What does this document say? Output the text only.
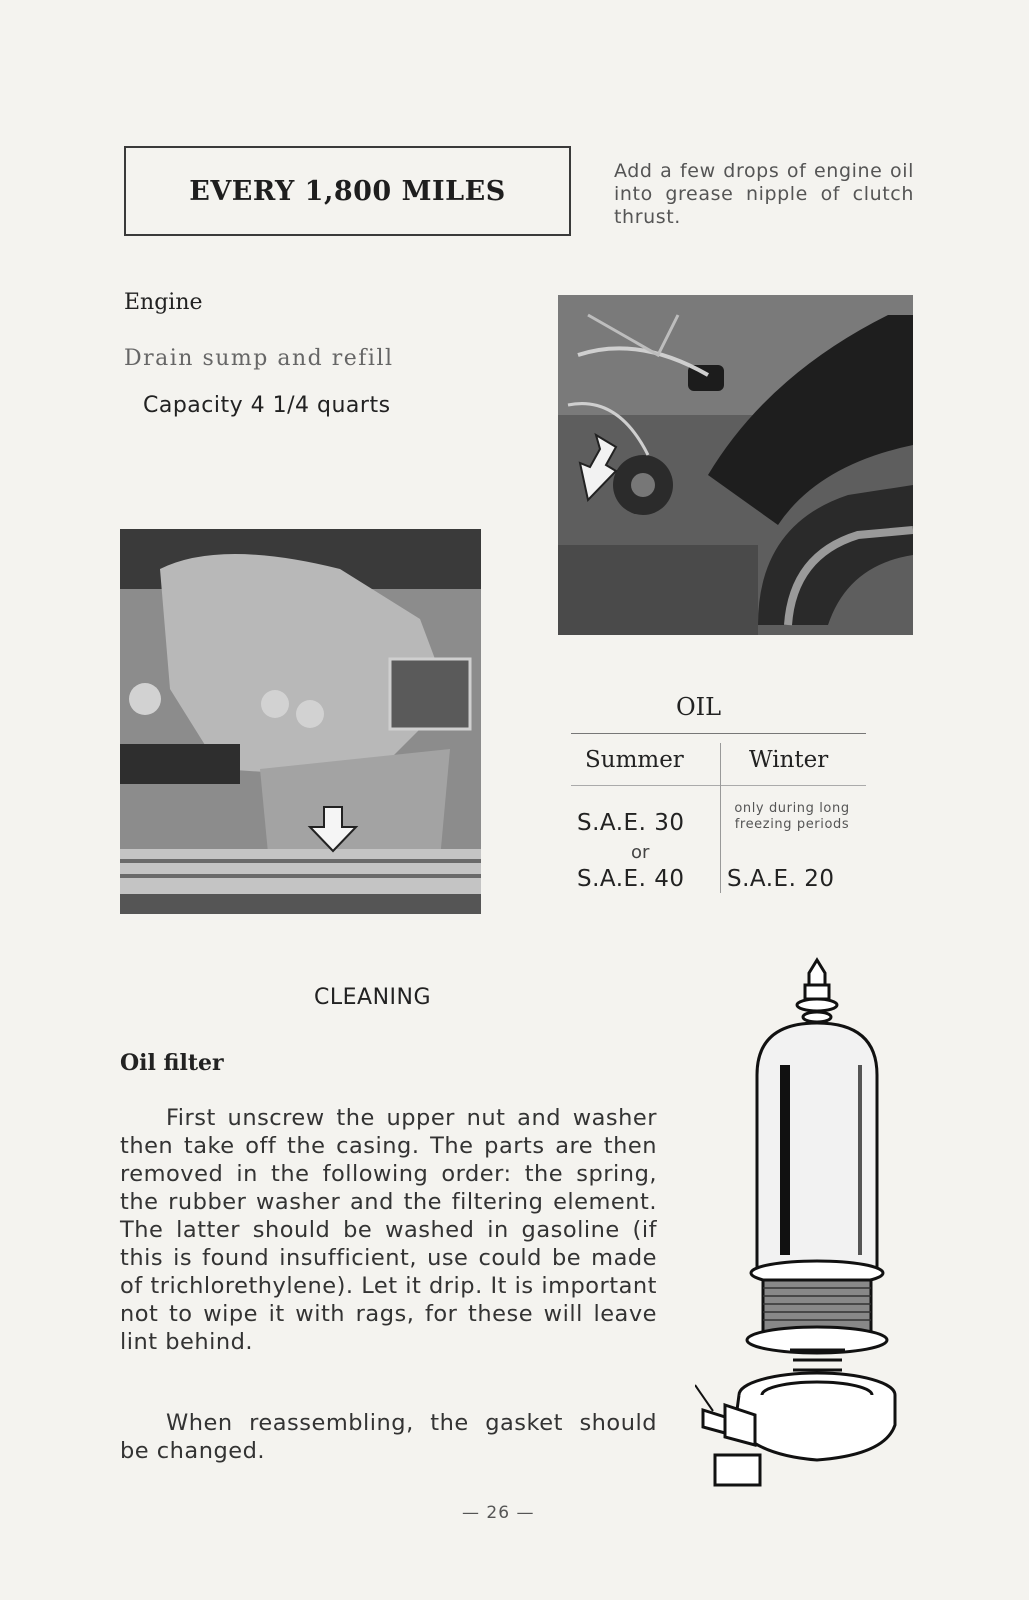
EVERY 1,800 MILES
Add a few drops of engine oil into grease nipple of clutch thrust.
Engine
Drain sump and refill
Capacity 4 1/4 quarts
OIL
Summer	Winter
S.A.E. 30
or
S.A.E. 40
only during long freezing periods
S.A.E. 20
CLEANING
Oil filter
First unscrew the upper nut and washer then take off the casing. The parts are then removed in the following order: the spring, the rubber washer and the filtering element. The latter should be washed in gasoline (if this is found insufficient, use could be made of trichlorethylene). Let it drip. It is important not to wipe it with rags, for these will leave lint behind.
When reassembling, the gasket should be changed.
— 26 —
